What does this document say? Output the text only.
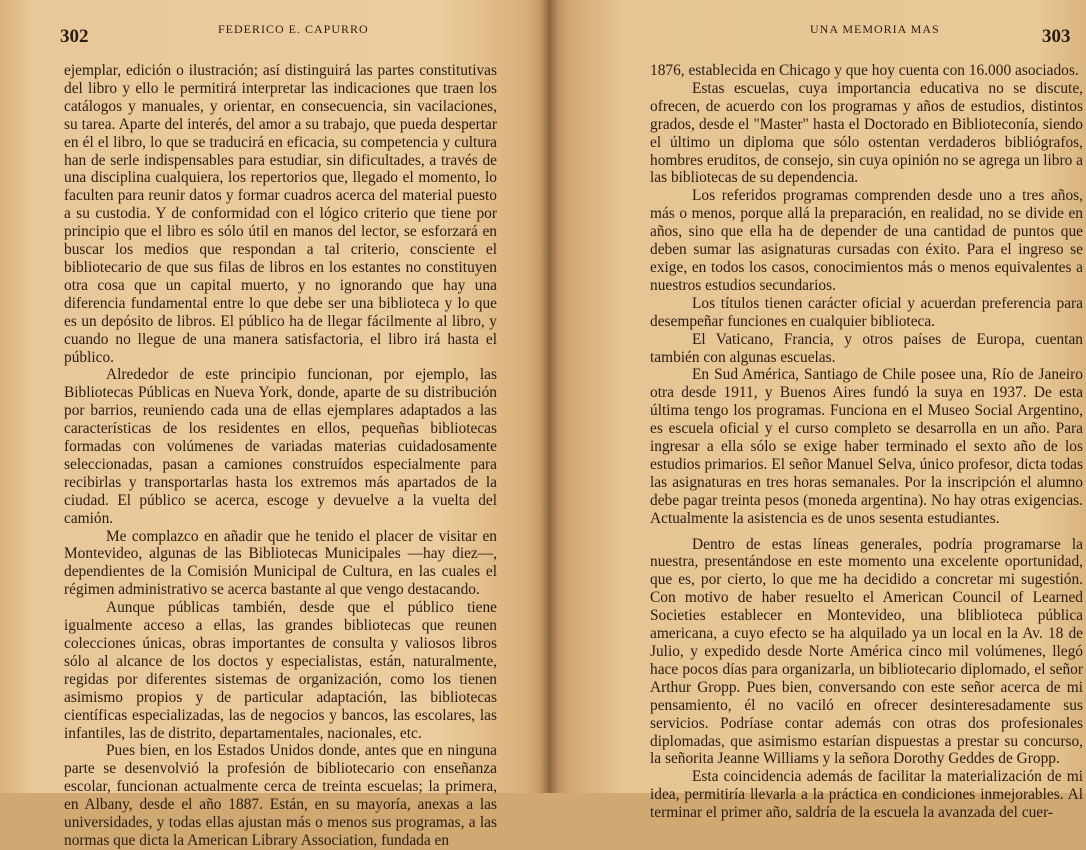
302	FEDERICO E. CAPURRO

ejemplar, edición o ilustración; así distinguirá las partes constitutivas del libro y ello le permitirá interpretar las indicaciones que traen los catálogos y manuales, y orientar, en consecuencia, sin vacilaciones, su tarea. Aparte del interés, del amor a su trabajo, que pueda despertar en él el libro, lo que se traducirá en eficacia, su competencia y cultura han de serle indispensables para estudiar, sin dificultades, a través de una disciplina cualquiera, los repertorios que, llegado el momento, lo faculten para reunir datos y formar cuadros acerca del material puesto a su custodia. Y de conformidad con el lógico criterio que tiene por principio que el libro es sólo útil en manos del lector, se esforzará en buscar los medios que respondan a tal criterio, consciente el bibliotecario de que sus filas de libros en los estantes no constituyen otra cosa que un capital muerto, y no ignorando que hay una diferencia fundamental entre lo que debe ser una biblioteca y lo que es un depósito de libros. El público ha de llegar fácilmente al libro, y cuando no llegue de una manera satisfactoria, el libro irá hasta el público.

Alrededor de este principio funcionan, por ejemplo, las Bibliotecas Públicas en Nueva York, donde, aparte de su distribución por barrios, reuniendo cada una de ellas ejemplares adaptados a las características de los residentes en ellos, pequeñas bibliotecas formadas con volúmenes de variadas materias cuidadosamente seleccionadas, pasan a camiones construídos especialmente para recibirlas y transportarlas hasta los extremos más apartados de la ciudad. El público se acerca, escoge y devuelve a la vuelta del camión.

Me complazco en añadir que he tenido el placer de visitar en Montevideo, algunas de las Bibliotecas Municipales —hay diez—, dependientes de la Comisión Municipal de Cultura, en las cuales el régimen administrativo se acerca bastante al que vengo destacando.

Aunque públicas también, desde que el público tiene igualmente acceso a ellas, las grandes bibliotecas que reunen colecciones únicas, obras importantes de consulta y valiosos libros sólo al alcance de los doctos y especialistas, están, naturalmente, regidas por diferentes sistemas de organización, como los tienen asimismo propios y de particular adaptación, las bibliotecas científicas especializadas, las de negocios y bancos, las escolares, las infantiles, las de distrito, departamentales, nacionales, etc.

Pues bien, en los Estados Unidos donde, antes que en ninguna parte se desenvolvió la profesión de bibliotecario con enseñanza escolar, funcionan actualmente cerca de treinta escuelas; la primera, en Albany, desde el año 1887. Están, en su mayoría, anexas a las universidades, y todas ellas ajustan más o menos sus programas, a las normas que dicta la American Library Association, fundada en

UNA MEMORIA MAS	303

1876, establecida en Chicago y que hoy cuenta con 16.000 asociados.

Estas escuelas, cuya importancia educativa no se discute, ofrecen, de acuerdo con los programas y años de estudios, distintos grados, desde el "Master" hasta el Doctorado en Biblioteconía, siendo el último un diploma que sólo ostentan verdaderos bibliógrafos, hombres eruditos, de consejo, sin cuya opinión no se agrega un libro a las bibliotecas de su dependencia.

Los referidos programas comprenden desde uno a tres años, más o menos, porque allá la preparación, en realidad, no se divide en años, sino que ella ha de depender de una cantidad de puntos que deben sumar las asignaturas cursadas con éxito. Para el ingreso se exige, en todos los casos, conocimientos más o menos equivalentes a nuestros estudios secundarios.

Los títulos tienen carácter oficial y acuerdan preferencia para desempeñar funciones en cualquier biblioteca.

El Vaticano, Francia, y otros países de Europa, cuentan también con algunas escuelas.

En Sud América, Santiago de Chile posee una, Río de Janeiro otra desde 1911, y Buenos Aires fundó la suya en 1937. De esta última tengo los programas. Funciona en el Museo Social Argentino, es escuela oficial y el curso completo se desarrolla en un año. Para ingresar a ella sólo se exige haber terminado el sexto año de los estudios primarios. El señor Manuel Selva, único profesor, dicta todas las asignaturas en tres horas semanales. Por la inscripción el alumno debe pagar treinta pesos (moneda argentina). No hay otras exigencias. Actualmente la asistencia es de unos sesenta estudiantes.

Dentro de estas líneas generales, podría programarse la nuestra, presentándose en este momento una excelente oportunidad, que es, por cierto, lo que me ha decidido a concretar mi sugestión. Con motivo de haber resuelto el American Council of Learned Societies establecer en Montevideo, una bliblioteca pública americana, a cuyo efecto se ha alquilado ya un local en la Av. 18 de Julio, y expedido desde Norte América cinco mil volúmenes, llegó hace pocos días para organizarla, un bibliotecario diplomado, el señor Arthur Gropp. Pues bien, conversando con este señor acerca de mi pensamiento, él no vaciló en ofrecer desinteresadamente sus servicios. Podríase contar además con otras dos profesionales diplomadas, que asimismo estarían dispuestas a prestar su concurso, la señorita Jeanne Williams y la señora Dorothy Geddes de Gropp.

Esta coincidencia además de facilitar la materialización de mi idea, permitiría llevarla a la práctica en condiciones inmejorables. Al terminar el primer año, saldría de la escuela la avanzada del cuer-
